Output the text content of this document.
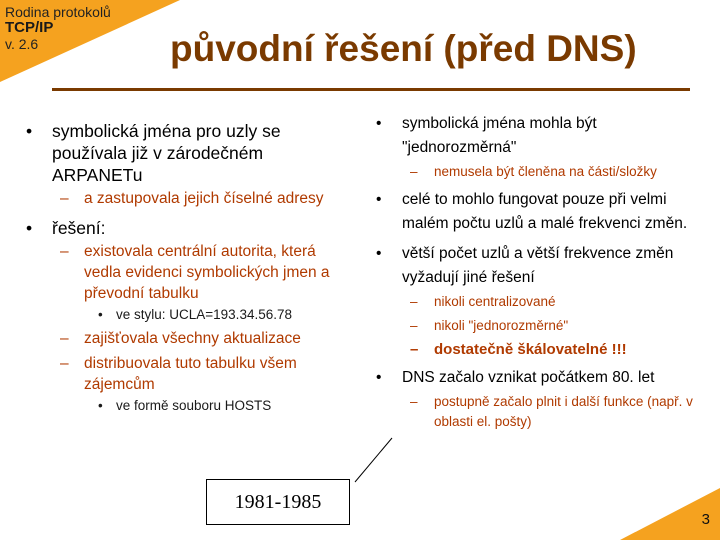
Rodina protokolů
TCP/IP
v. 2.6	původní řešení (před DNS)
• symbolická jména pro uzly se používala již v zárodečném ARPANETu
– a zastupovala jejich číselné adresy
• řešení:
– existovala centrální autorita, která vedla evidenci symbolických jmen a převodní tabulku
• ve stylu: UCLA=193.34.56.78
– zajišťovala všechny aktualizace
– distribuovala tuto tabulku všem zájemcům
• ve formě souboru HOSTS
• symbolická jména mohla být "jednorozměrná"
– nemusela být členěna na části/složky
• celé to mohlo fungovat pouze při velmi malém počtu uzlů a malé frekvenci změn.
• větší počet uzlů a větší frekvence změn vyžadují jiné řešení
– nikoli centralizované
– nikoli "jednorozměrné"
– dostatečně škálovatelné !!!
• DNS začalo vznikat počátkem 80. let
– postupně začalo plnit i další funkce (např. v oblasti el. pošty)
1981-1985
3
